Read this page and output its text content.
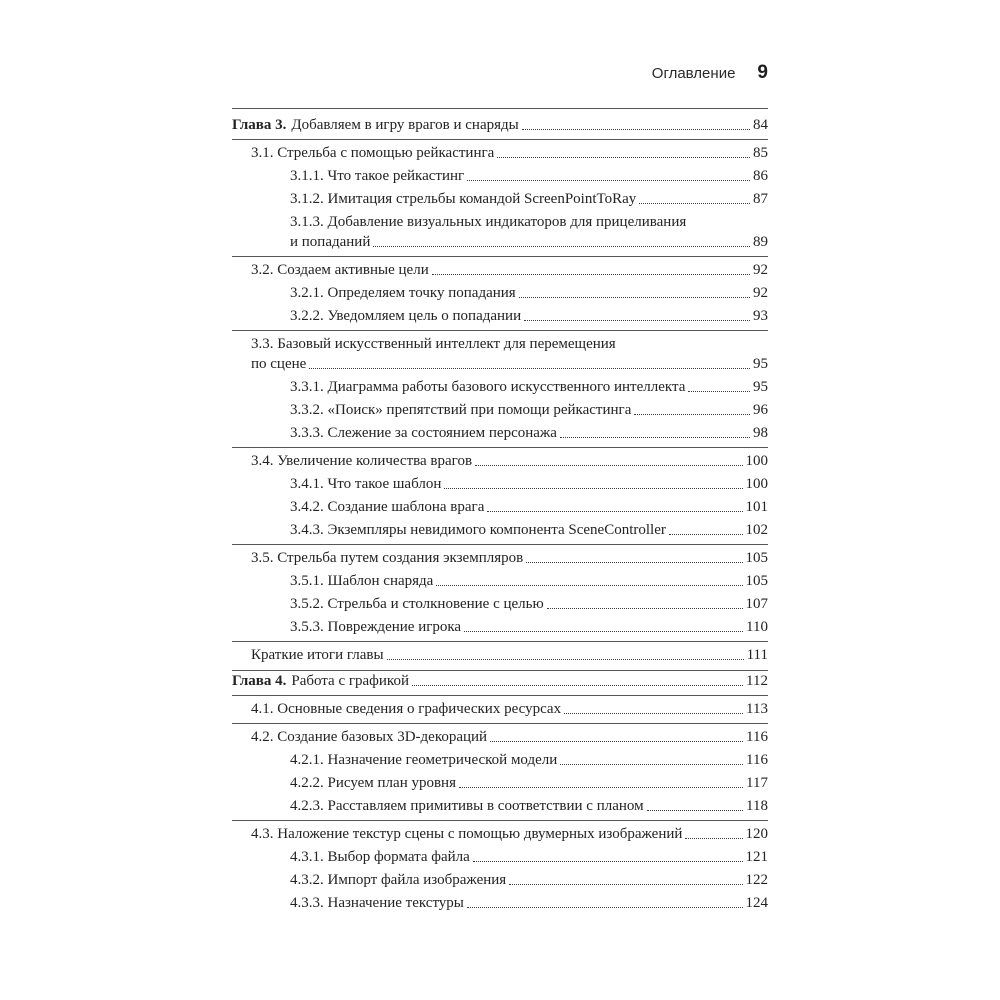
Оглавление 9
Глава 3. Добавляем в игру врагов и снаряды	84
3.1. Стрельба с помощью рейкастинга	85
3.1.1. Что такое рейкастинг	86
3.1.2. Имитация стрельбы командой ScreenPointToRay	87
3.1.3. Добавление визуальных индикаторов для прицеливания
и попаданий	89
3.2. Создаем активные цели	92
3.2.1. Определяем точку попадания	92
3.2.2. Уведомляем цель о попадании	93
3.3. Базовый искусственный интеллект для перемещения
по сцене	95
3.3.1. Диаграмма работы базового искусственного интеллекта	95
3.3.2. «Поиск» препятствий при помощи рейкастинга	96
3.3.3. Слежение за состоянием персонажа	98
3.4. Увеличение количества врагов	100
3.4.1. Что такое шаблон	100
3.4.2. Создание шаблона врага	101
3.4.3. Экземпляры невидимого компонента SceneController	102
3.5. Стрельба путем создания экземпляров	105
3.5.1. Шаблон снаряда	105
3.5.2. Стрельба и столкновение с целью	107
3.5.3. Повреждение игрока	110
Краткие итоги главы	111
Глава 4. Работа с графикой	112
4.1. Основные сведения о графических ресурсах	113
4.2. Создание базовых 3D-декораций	116
4.2.1. Назначение геометрической модели	116
4.2.2. Рисуем план уровня	117
4.2.3. Расставляем примитивы в соответствии с планом	118
4.3. Наложение текстур сцены с помощью двумерных изображений	120
4.3.1. Выбор формата файла	121
4.3.2. Импорт файла изображения	122
4.3.3. Назначение текстуры	124
